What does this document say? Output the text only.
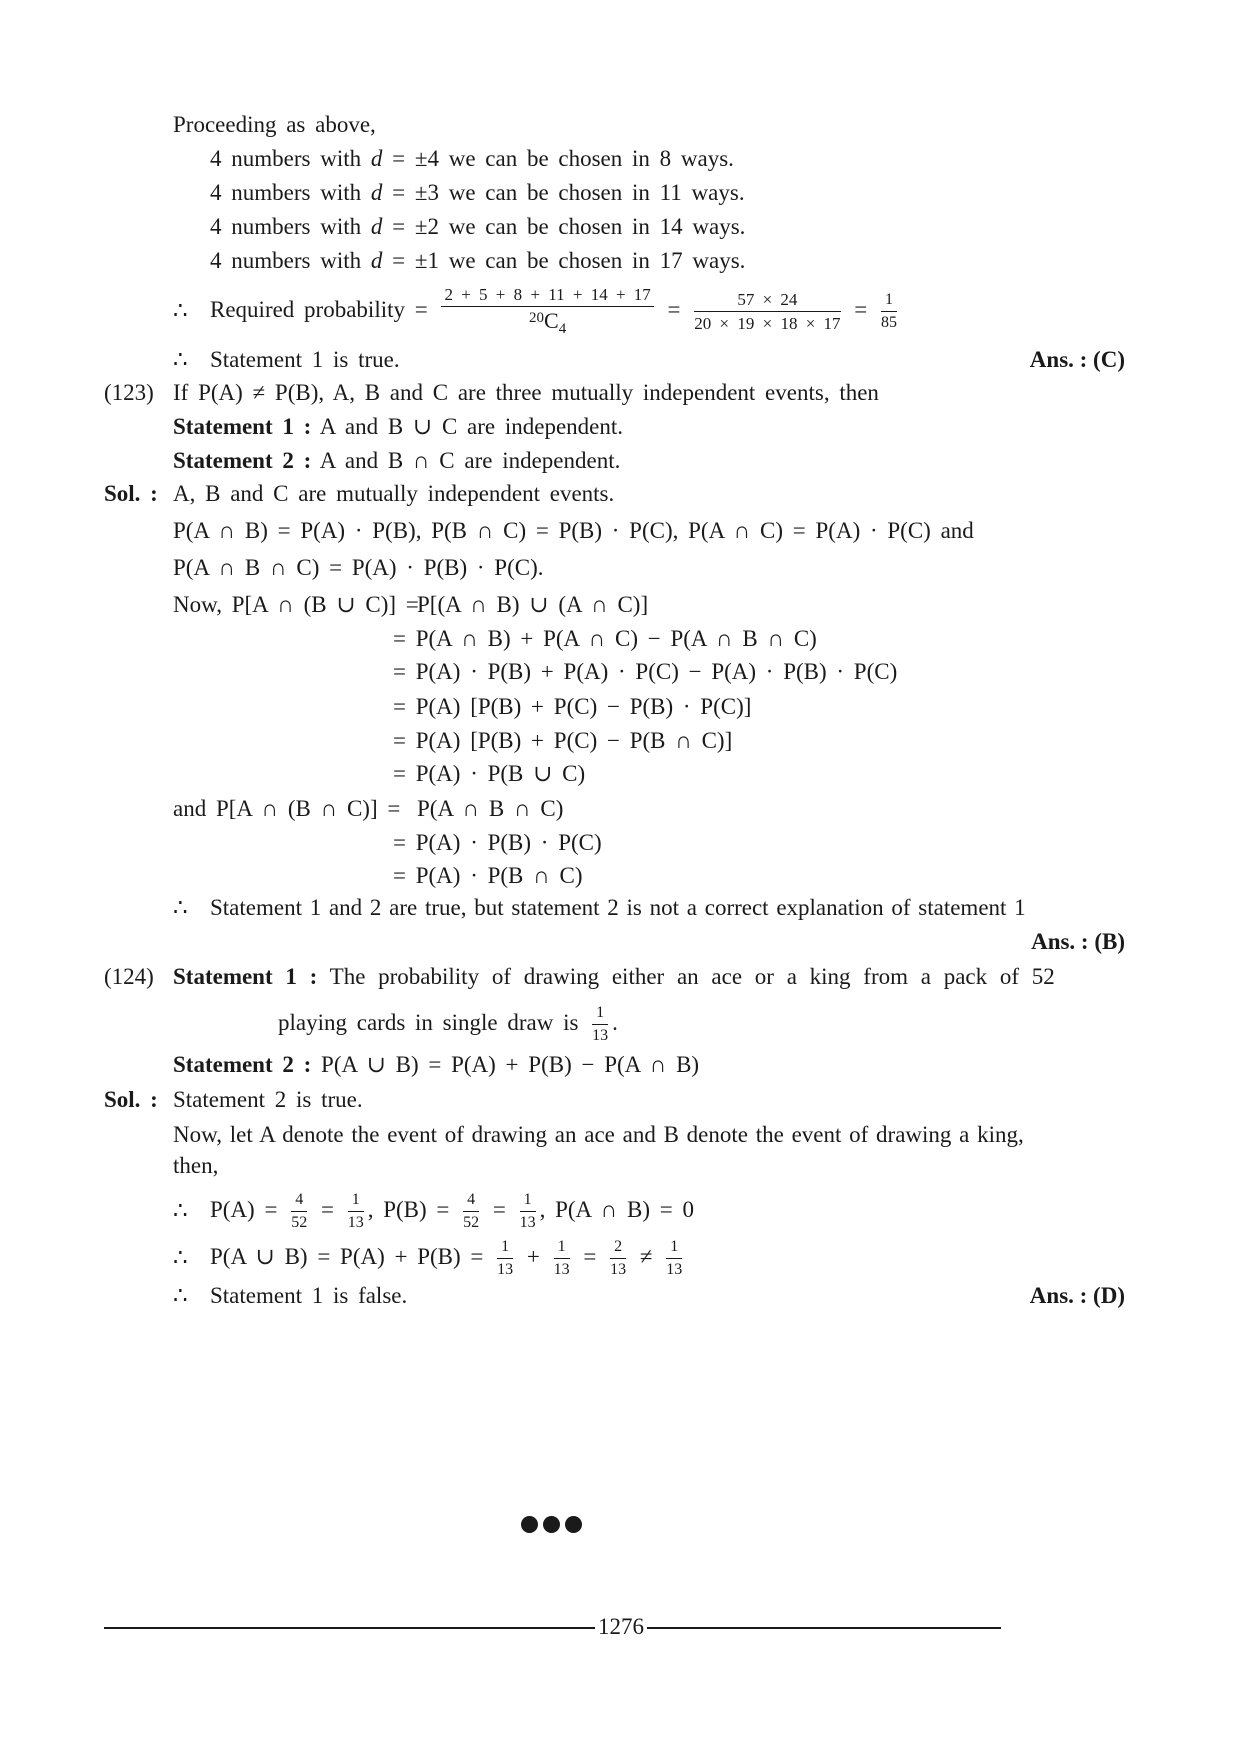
Proceeding as above,
4 numbers with d = ±4 we can be chosen in 8 ways.
4 numbers with d = ±3 we can be chosen in 11 ways.
4 numbers with d = ±2 we can be chosen in 14 ways.
4 numbers with d = ±1 we can be chosen in 17 ways.
∴ Required probability = $\frac{2 + 5 + 8 + 11 + 14 + 17}{20C4} = \frac{57 \times 24}{20 \times 19 \times 18 \times 17} = \frac{1}{85}$
∴ Statement 1 is true.	Ans. : (C)
(123) If P(A) ≠ P(B), A, B and C are three mutually independent events, then
Statement 1 : A and B ∪ C are independent.
Statement 2 : A and B ∩ C are independent.
Sol. : A, B and C are mutually independent events.
P(A ∩ B) = P(A) · P(B), P(B ∩ C) = P(B) · P(C), P(A ∩ C) = P(A) · P(C) and
P(A ∩ B ∩ C) = P(A) · P(B) · P(C).
Now, P[A ∩ (B ∪ C)] =
P[(A ∩ B) ∪ (A ∩ C)]
= P(A ∩ B) + P(A ∩ C) − P(A ∩ B ∩ C)
= P(A) · P(B) + P(A) · P(C) − P(A) · P(B) · P(C)
= P(A) [P(B) + P(C) − P(B) · P(C)]
= P(A) [P(B) + P(C) − P(B ∩ C)]
= P(A) · P(B ∪ C)
and P[A ∩ (B ∩ C)] = P(A ∩ B ∩ C)
= P(A) · P(B) · P(C)
= P(A) · P(B ∩ C)
∴ Statement 1 and 2 are true, but statement 2 is not a correct explanation of statement 1
Ans. : (B)
(124) Statement 1 : The probability of drawing either an ace or a king from a pack of 52
playing cards in single draw is $\frac{1}{13}$ .
Statement 2 : P(A ∪ B) = P(A) + P(B) − P(A ∩ B)
Sol. : Statement 2 is true.
Now, let A denote the event of drawing an ace and B denote the event of drawing a king,
then,
∴ $P(A) = \frac{4}{52} = \frac{1}{13}$ , $P(B) = \frac{4}{52} = \frac{1}{13}$ , P(A ∩ B) = 0
∴ P(A ∪ $B) = P(A) + P(B) = \frac{1}{13} + \frac{1}{13} = \frac{2}{13} \ne \frac{1}{13}$
∴ Statement 1 is false.	Ans. : (D)
1276
